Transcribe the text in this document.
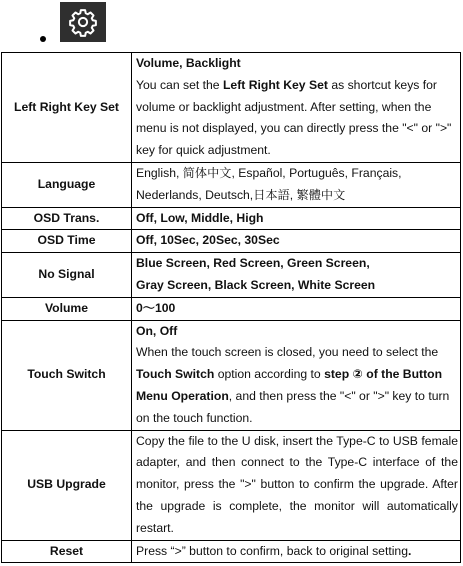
Left Right Key Set	Volume, Backlight
You can set the Left Right Key Set as shortcut keys for volume or backlight adjustment. After setting, when the menu is not displayed, you can directly press the "<" or ">" key for quick adjustment.
Language	English, 简体中文, Español, Português, Français,
Nederlands, Deutsch,日本語, 繁體中文
OSD Trans.	Off, Low, Middle, High
OSD Time	Off, 10Sec, 20Sec, 30Sec
No Signal	Blue Screen, Red Screen, Green Screen,
Gray Screen, Black Screen, White Screen
Volume	0～100
Touch Switch	On, Off
When the touch screen is closed, you need to select the Touch Switch option according to step ② of the Button Menu Operation, and then press the "<" or ">" key to turn on the touch function.
USB Upgrade	Copy the file to the U disk, insert the Type-C to USB female adapter, and then connect to the Type-C interface of the monitor, press the ">" button to confirm the upgrade. After the upgrade is complete, the monitor will automatically restart.
Reset	Press “>” button to confirm, back to original setting.
